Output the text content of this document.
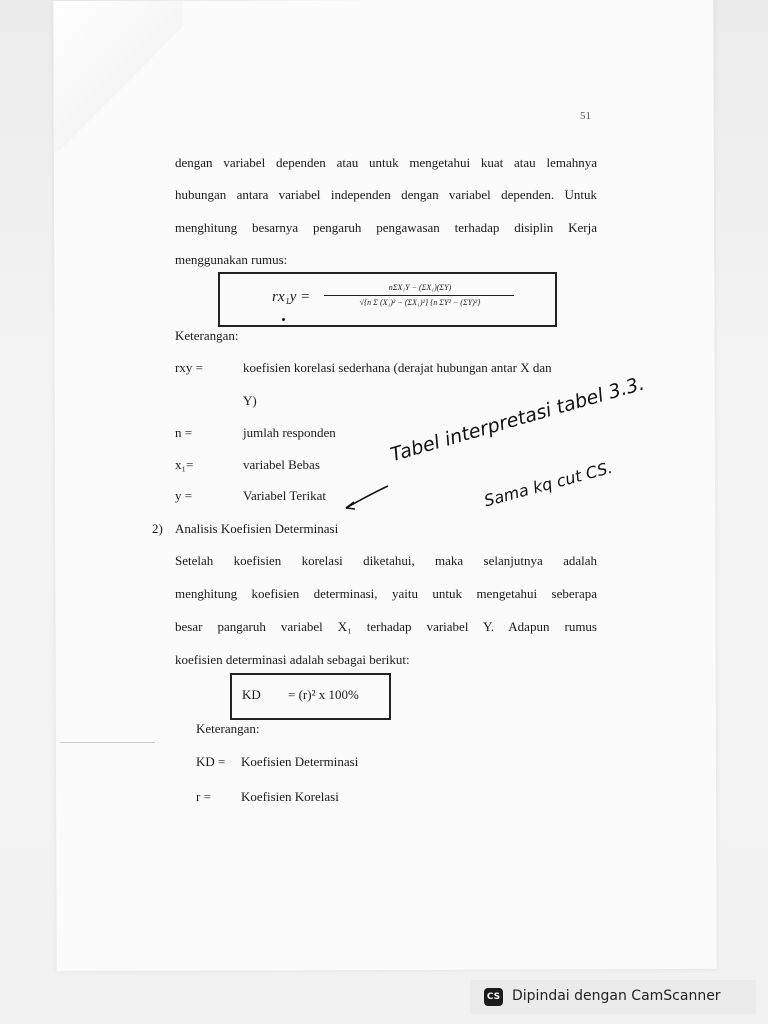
51
dengan variabel dependen atau untuk mengetahui kuat atau lemahnya
hubungan antara variabel independen dengan variabel dependen. Untuk
menghitung besarnya pengaruh pengawasan terhadap disiplin Kerja
menggunakan rumus:
rx₁y =
nΣX₁Y − (ΣX₁)(ΣY)
√{n Σ (X₁)² − (ΣX₁)²} {n ΣY² − (ΣY)²}
Keterangan:
rxy =	koefisien korelasi sederhana (derajat hubungan antar X dan
Y)
n =	jumlah responden
x₁=	variabel Bebas
y =	Variabel Terikat
Tabel interpretasi tabel 3.3.
Sama kq cut CS.
2) Analisis Koefisien Determinasi
Setelah koefisien korelasi diketahui, maka selanjutnya adalah
menghitung koefisien determinasi, yaitu untuk mengetahui seberapa
besar pangaruh variabel X₁ terhadap variabel Y. Adapun rumus
koefisien determinasi adalah sebagai berikut:
KD = (r)² x 100%
Keterangan:
KD = Koefisien Determinasi
r = Koefisien Korelasi
CS Dipindai dengan CamScanner
